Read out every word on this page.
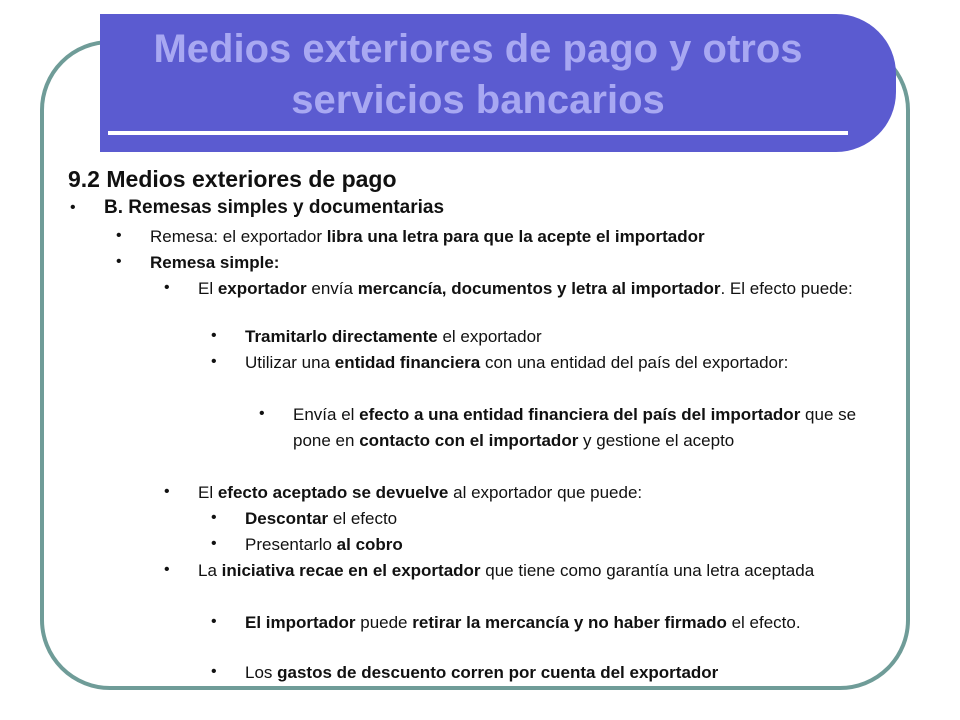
Medios exteriores de pago y otros servicios bancarios
9.2 Medios exteriores de pago
• B. Remesas simples y documentarias
• Remesa: el exportador libra una letra para que la acepte el importador
• Remesa simple:
• El exportador envía mercancía, documentos y letra al importador. El efecto puede:
• Tramitarlo directamente el exportador
• Utilizar una entidad financiera con una entidad del país del exportador:
• Envía el efecto a una entidad financiera del país del importador que se pone en contacto con el importador y gestione el acepto
• El efecto aceptado se devuelve al exportador que puede:
• Descontar el efecto
• Presentarlo al cobro
• La iniciativa recae en el exportador que tiene como garantía una letra aceptada
• El importador puede retirar la mercancía y no haber firmado el efecto.
• Los gastos de descuento corren por cuenta del exportador
